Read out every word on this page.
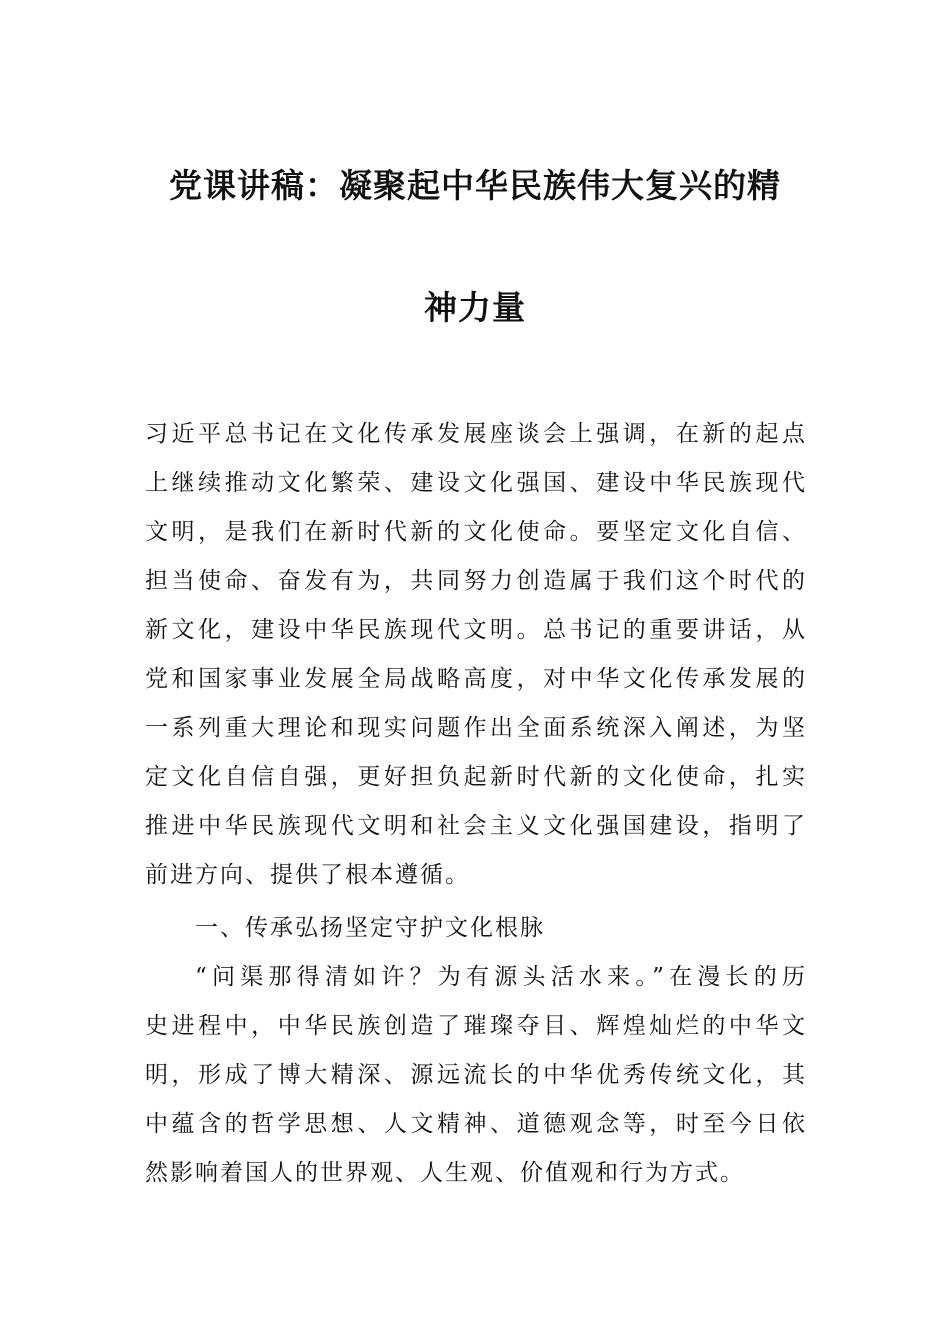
党课讲稿：凝聚起中华民族伟大复兴的精
神力量
习近平总书记在文化传承发展座谈会上强调，在新的起点
上继续推动文化繁荣、建设文化强国、建设中华民族现代
文明，是我们在新时代新的文化使命。要坚定文化自信、
担当使命、奋发有为，共同努力创造属于我们这个时代的
新文化，建设中华民族现代文明。总书记的重要讲话，从
党和国家事业发展全局战略高度，对中华文化传承发展的
一系列重大理论和现实问题作出全面系统深入阐述，为坚
定文化自信自强，更好担负起新时代新的文化使命，扎实
推进中华民族现代文明和社会主义文化强国建设，指明了
前进方向、提供了根本遵循。
一、传承弘扬坚定守护文化根脉
“问渠那得清如许？为有源头活水来。”在漫长的历
史进程中，中华民族创造了璀璨夺目、辉煌灿烂的中华文
明，形成了博大精深、源远流长的中华优秀传统文化，其
中蕴含的哲学思想、人文精神、道德观念等，时至今日依
然影响着国人的世界观、人生观、价值观和行为方式。
